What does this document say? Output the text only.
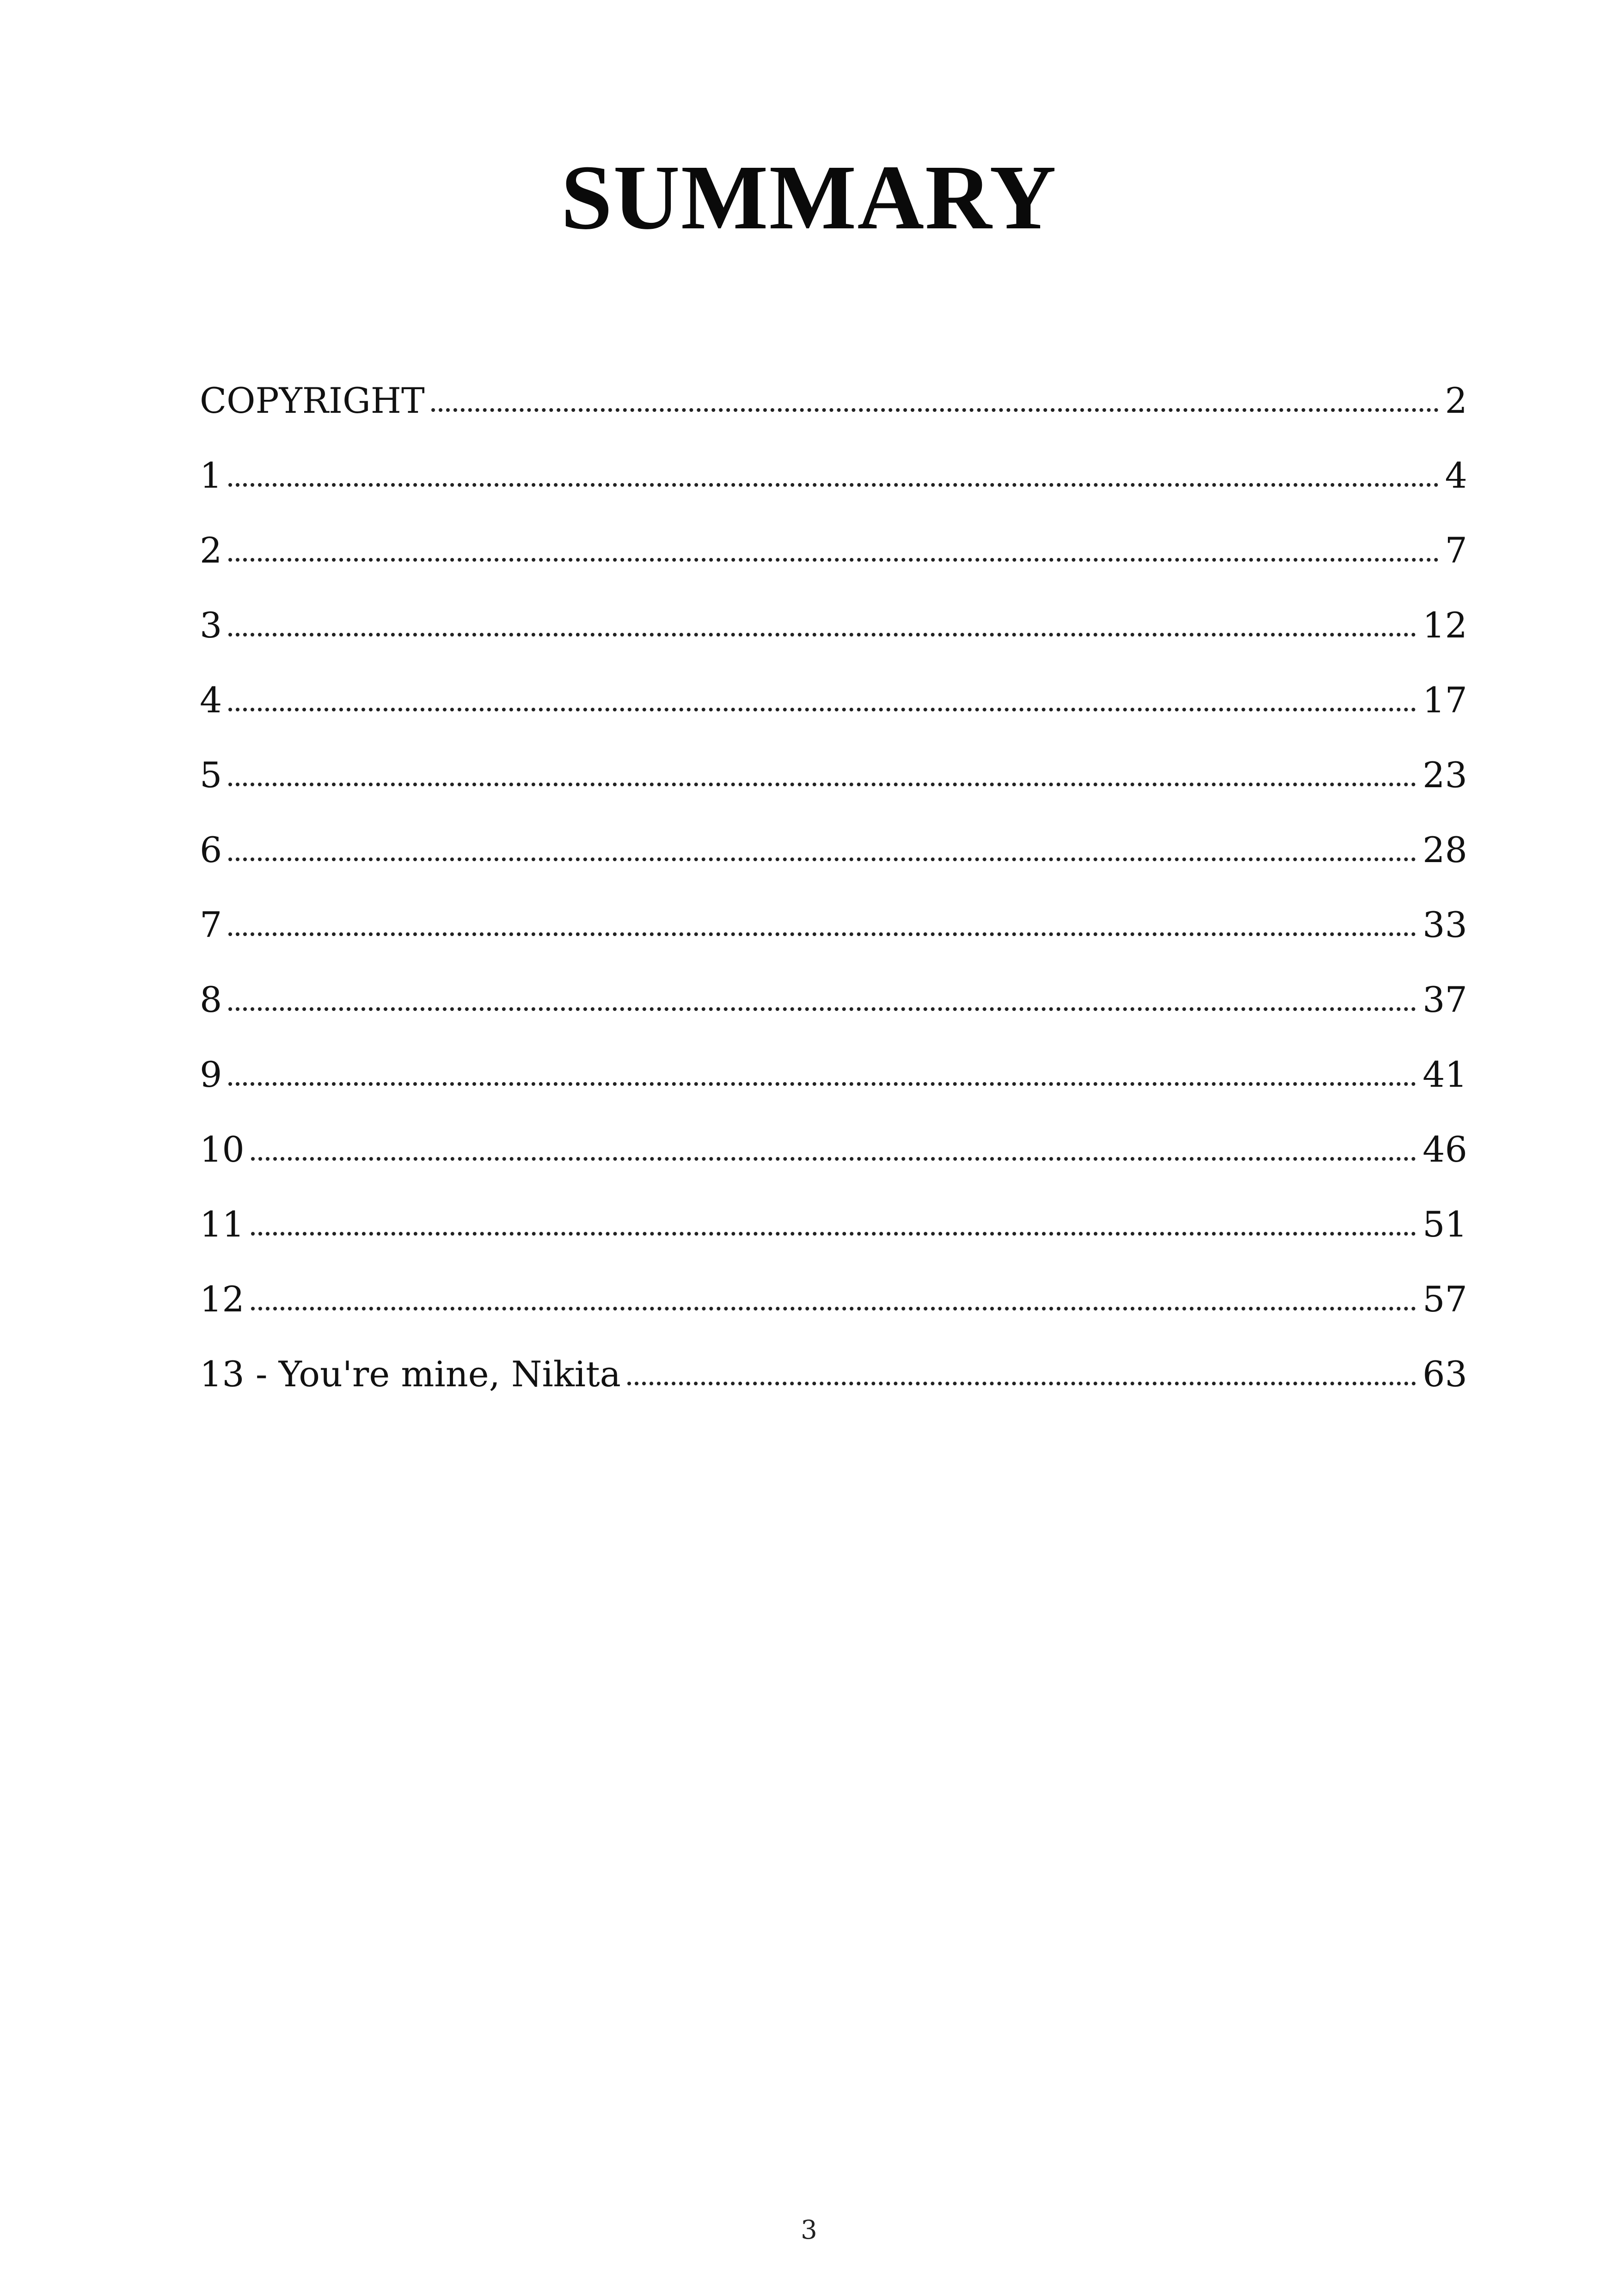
SUMMARY
COPYRIGHT	2
1	4
2	7
3	12
4	17
5	23
6	28
7	33
8	37
9	41
10	46
11	51
12	57
13 - You're mine, Nikita	63
3
